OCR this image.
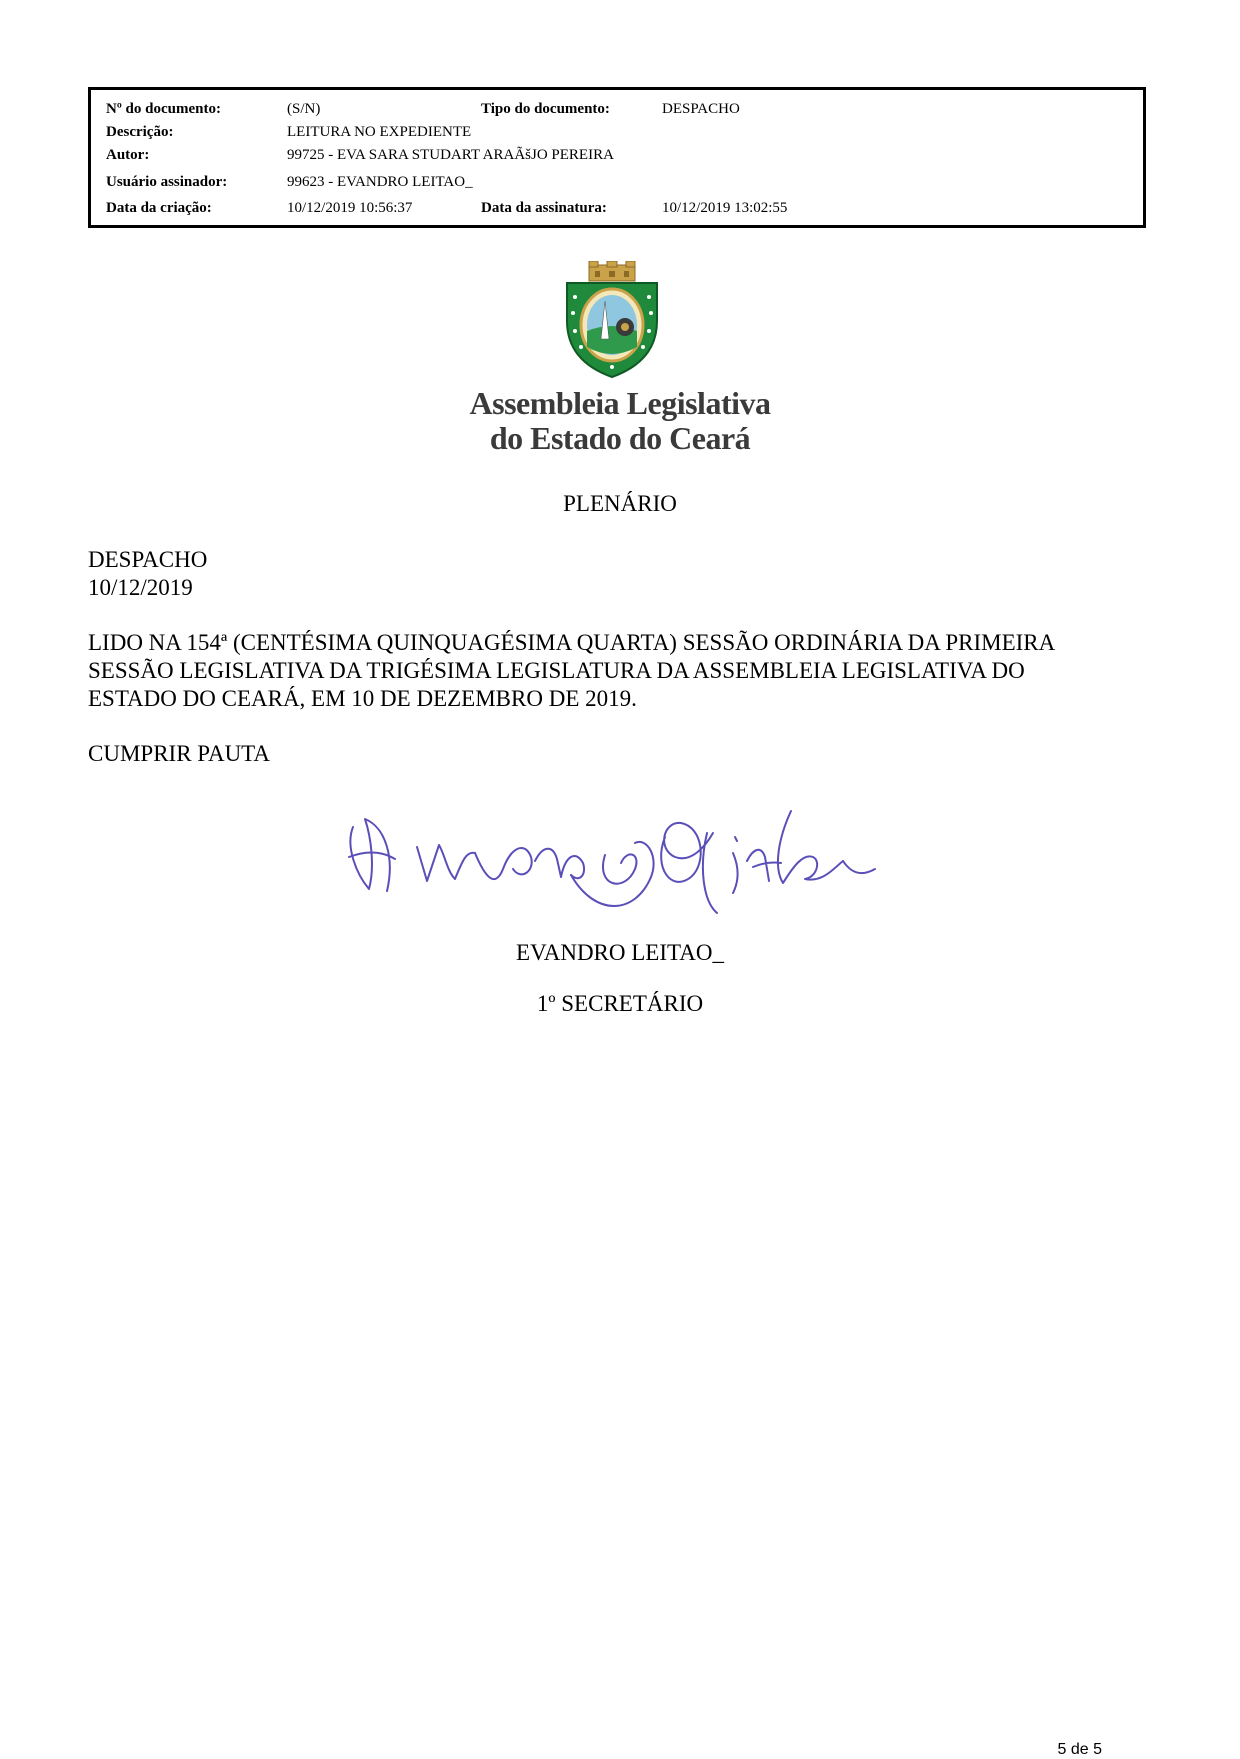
Nº do documento:	(S/N)	Tipo do documento:	DESPACHO
Descrição:	LEITURA NO EXPEDIENTE
Autor:	99725 - EVA SARA STUDART ARAÃšJO PEREIRA
Usuário assinador:	99623 - EVANDRO LEITAO_
Data da criação:	10/12/2019 10:56:37	Data da assinatura:	10/12/2019 13:02:55
Assembleia Legislativa
do Estado do Ceará
PLENÁRIO
DESPACHO
10/12/2019
LIDO NA 154ª (CENTÉSIMA QUINQUAGÉSIMA QUARTA) SESSÃO ORDINÁRIA DA PRIMEIRA
SESSÃO LEGISLATIVA DA TRIGÉSIMA LEGISLATURA DA ASSEMBLEIA LEGISLATIVA DO
ESTADO DO CEARÁ, EM 10 DE DEZEMBRO DE 2019.
CUMPRIR PAUTA
EVANDRO LEITAO_
1º SECRETÁRIO
5 de 5
